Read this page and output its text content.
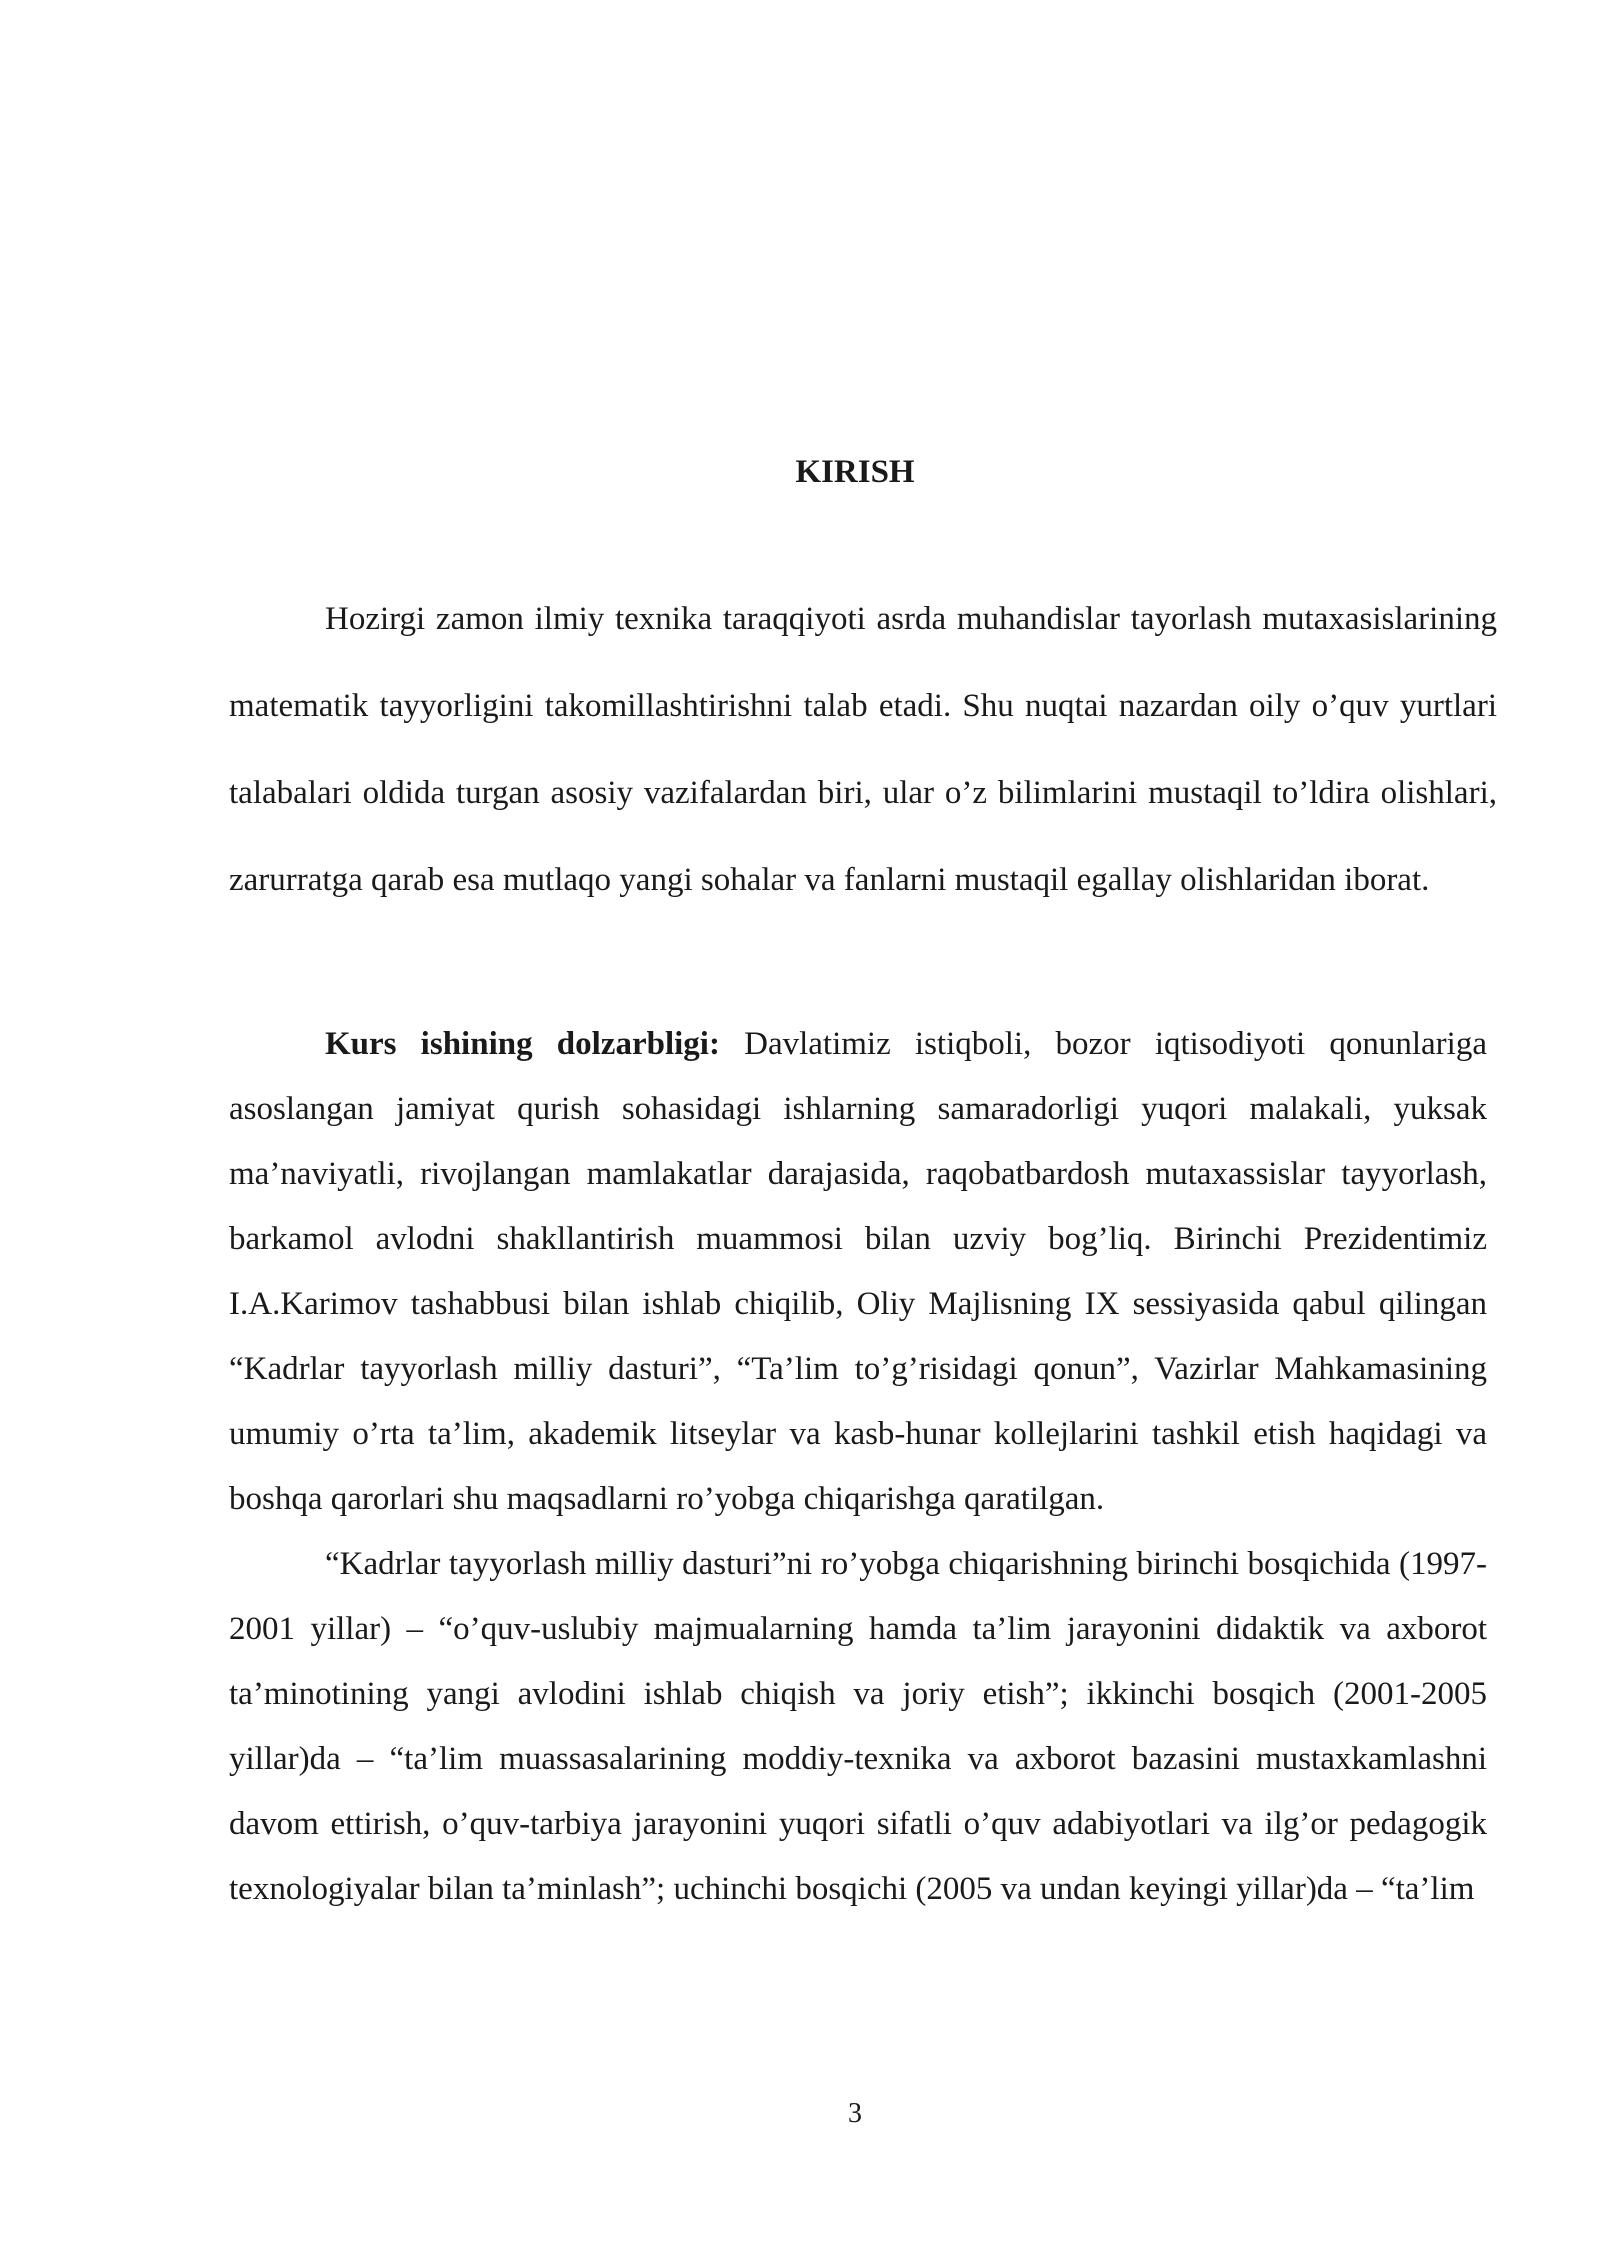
KIRISH

Hozirgi zamon ilmiy texnika taraqqiyoti asrda muhandislar tayorlash mutaxasislarining matematik tayyorligini takomillashtirishni talab etadi. Shu nuqtai nazardan oily o’quv yurtlari talabalari oldida turgan asosiy vazifalardan biri, ular o’z bilimlarini mustaqil to’ldira olishlari, zarurratga qarab esa mutlaqo yangi sohalar va fanlarni mustaqil egallay olishlaridan iborat.

Kurs ishining dolzarbligi: Davlatimiz istiqboli, bozor iqtisodiyoti qonunlariga asoslangan jamiyat qurish sohasidagi ishlarning samaradorligi yuqori malakali, yuksak ma’naviyatli, rivojlangan mamlakatlar darajasida, raqobatbardosh mutaxassislar tayyorlash, barkamol avlodni shakllantirish muammosi bilan uzviy bog’liq. Birinchi Prezidentimiz I.A.Karimov tashabbusi bilan ishlab chiqilib, Oliy Majlisning IX sessiyasida qabul qilingan “Kadrlar tayyorlash milliy dasturi”, “Ta’lim to’g’risidagi qonun”, Vazirlar Mahkamasining umumiy o’rta ta’lim, akademik litseylar va kasb-hunar kollejlarini tashkil etish haqidagi va boshqa qarorlari shu maqsadlarni ro’yobga chiqarishga qaratilgan.

“Kadrlar tayyorlash milliy dasturi”ni ro’yobga chiqarishning birinchi bosqichida (1997-2001 yillar) – “o’quv-uslubiy majmualarning hamda ta’lim jarayonini didaktik va axborot ta’minotining yangi avlodini ishlab chiqish va joriy etish”; ikkinchi bosqich (2001-2005 yillar)da – “ta’lim muassasalarining moddiy-texnika va axborot bazasini mustaxkamlashni davom ettirish, o’quv-tarbiya jarayonini yuqori sifatli o’quv adabiyotlari va ilg’or pedagogik texnologiyalar bilan ta’minlash”; uchinchi bosqichi (2005 va undan keyingi yillar)da – “ta’lim

3
